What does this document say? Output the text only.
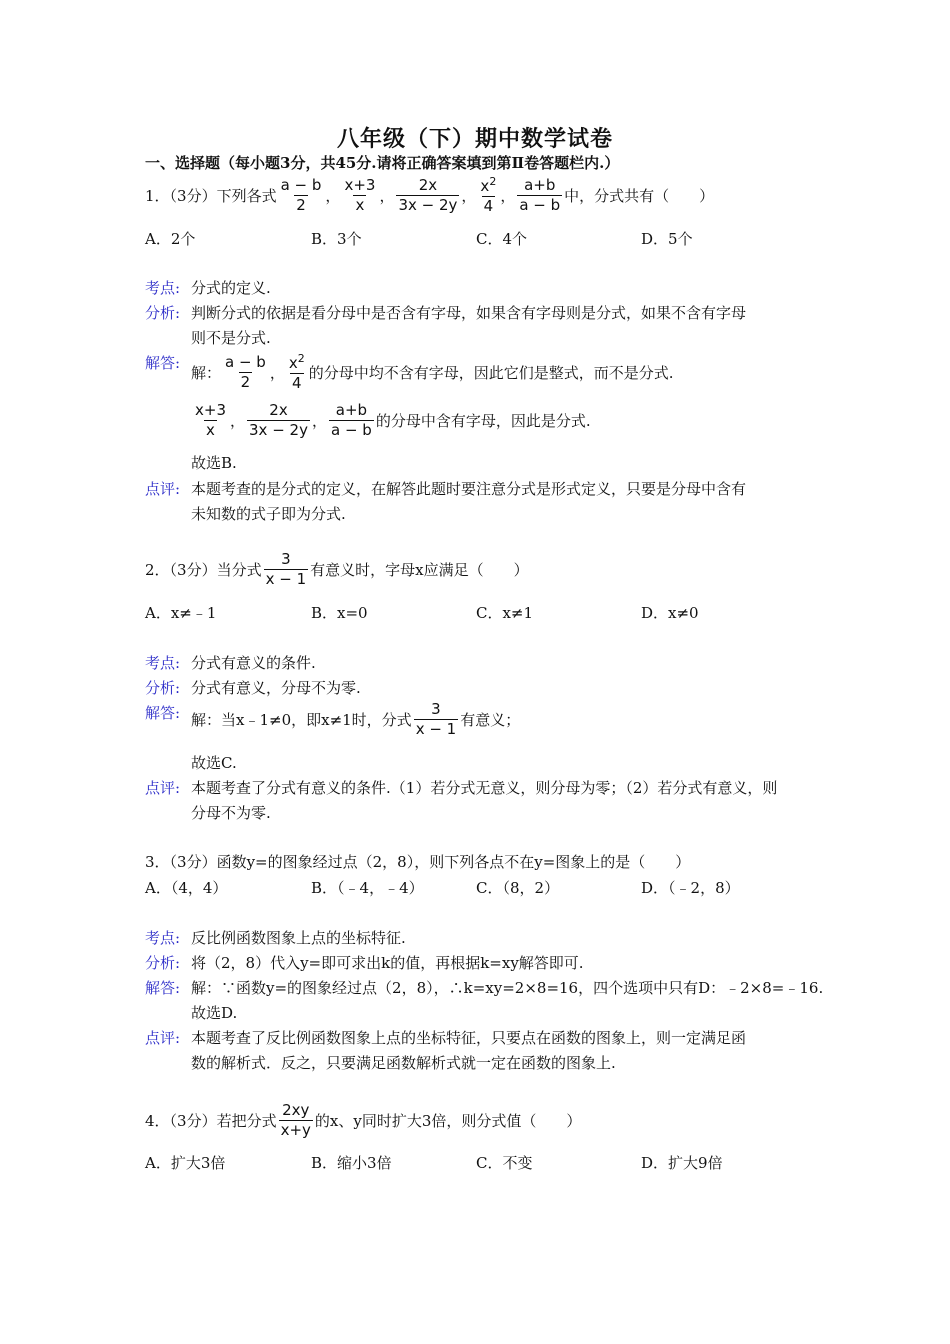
八年级（下）期中数学试卷
一、选择题（每小题3分，共45分.请将正确答案填到第Ⅱ卷答题栏内.）
1．（3分）下列各式 $\frac{a - b}{2}$ ， $\frac{x+3}{x}$ ， $\frac{2x}{3x - 2y}$ ， $\frac{x^2}{4}$ ， $\frac{a+b}{a - b}$ 中，分式共有（　　）
A．2个	B．3个	C．4个	D．5个
考点: 分式的定义.
分析: 判断分式的依据是看分母中是否含有字母，如果含有字母则是分式，如果不含有字母
则不是分式.
解答:
解： $\frac{a - b}{2}$ ， $\frac{x^2}{4}$ 的分母中均不含有字母，因此它们是整式，而不是分式.
$\frac{x+3}{x}$ ， $\frac{2x}{3x - 2y}$ ， $\frac{a+b}{a - b}$ 的分母中含有字母，因此是分式.
故选B.
点评: 本题考查的是分式的定义，在解答此题时要注意分式是形式定义，只要是分母中含有
未知数的式子即为分式.
2．（3分）当分式 $\frac{3}{x - 1}$ 有意义时，字母x应满足（　　）
A．x≠﹣1	B．x=0	C．x≠1	D．x≠0
考点: 分式有意义的条件.
分析: 分式有意义，分母不为零.
解答: 解：当x﹣1≠0，即x≠1时，分式 $\frac{3}{x - 1}$ 有意义；
故选C.
点评: 本题考查了分式有意义的条件.（1）若分式无意义，则分母为零；（2）若分式有意义，则
分母不为零.
3．（3分）函数y=的图象经过点（2，8），则下列各点不在y=图象上的是（　　）
A．（4，4）	B．（﹣4，﹣4）	C．（8，2）	D．（﹣2，8）
考点: 反比例函数图象上点的坐标特征.
分析: 将（2，8）代入y=即可求出k的值，再根据k=xy解答即可.
解答: 解：∵函数y=的图象经过点（2，8），∴k=xy=2×8=16，四个选项中只有D：﹣2×8=﹣16.
故选D.
点评: 本题考查了反比例函数图象上点的坐标特征，只要点在函数的图象上，则一定满足函
数的解析式．反之，只要满足函数解析式就一定在函数的图象上.
4．（3分）若把分式 $\frac{2xy}{x+y}$ 的x、y同时扩大3倍，则分式值（　　）
A．扩大3倍	B．缩小3倍	C．不变	D．扩大9倍
